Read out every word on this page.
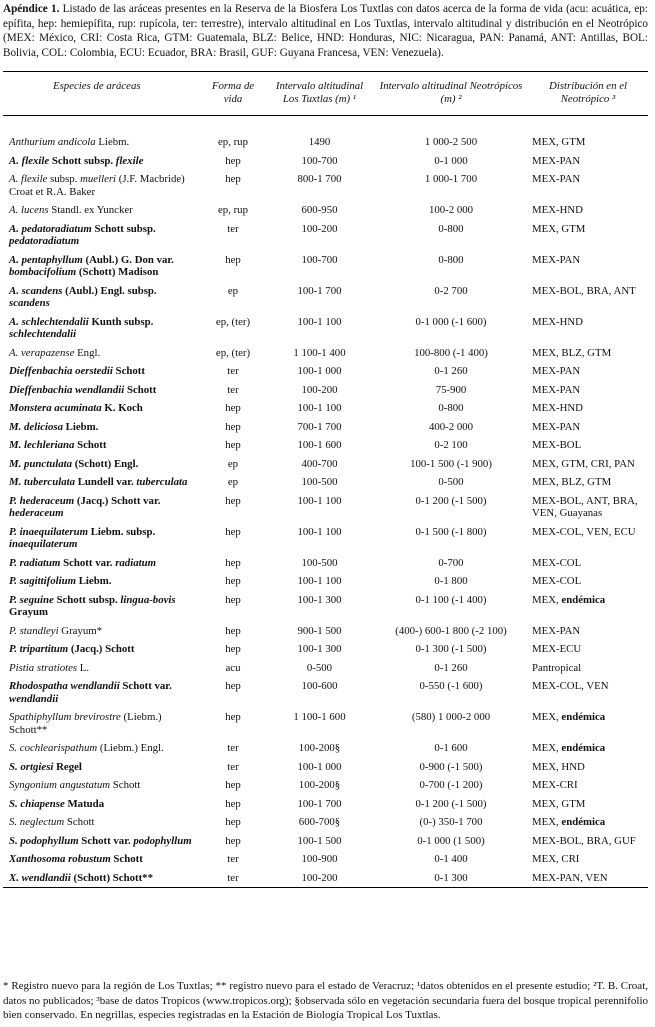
Apéndice 1. Listado de las aráceas presentes en la Reserva de la Biosfera Los Tuxtlas con datos acerca de la forma de vida (acu: acuática, ep: epífita, hep: hemiepífita, rup: rupícola, ter: terrestre), intervalo altitudinal en Los Tuxtlas, intervalo altitudinal y distribución en el Neotrópico (MEX: México, CRI: Costa Rica, GTM: Guatemala, BLZ: Belice, HND: Honduras, NIC: Nicaragua, PAN: Panamá, ANT: Antillas, BOL: Bolivia, COL: Colombia, ECU: Ecuador, BRA: Brasil, GUF: Guyana Francesa, VEN: Venezuela).
Especies de aráceas	Forma de vida	Intervalo altitudinal Los Tuxtlas (m) ¹	Intervalo altitudinal Neotrópicos (m) ²	Distribución en el Neotrópico ³
Anthurium andicola Liebm.	ep, rup	1490	1 000-2 500	MEX, GTM
A. flexile Schott subsp. flexile	hep	100-700	0-1 000	MEX-PAN
A. flexile subsp. muelleri (J.F. Macbride) Croat et R.A. Baker	hep	800-1 700	1 000-1 700	MEX-PAN
A. lucens Standl. ex Yuncker	ep, rup	600-950	100-2 000	MEX-HND
A. pedatoradiatum Schott subsp. pedatoradiatum	ter	100-200	0-800	MEX, GTM
A. pentaphyllum (Aubl.) G. Don var. bombacifolium (Schott) Madison	hep	100-700	0-800	MEX-PAN
A. scandens (Aubl.) Engl. subsp. scandens	ep	100-1 700	0-2 700	MEX-BOL, BRA, ANT
A. schlechtendalii Kunth subsp. schlechtendalii	ep, (ter)	100-1 100	0-1 000 (-1 600)	MEX-HND
A. verapazense Engl.	ep, (ter)	1 100-1 400	100-800 (-1 400)	MEX, BLZ, GTM
Dieffenbachia oerstedii Schott	ter	100-1 000	0-1 260	MEX-PAN
Dieffenbachia wendlandii Schott	ter	100-200	75-900	MEX-PAN
Monstera acuminata K. Koch	hep	100-1 100	0-800	MEX-HND
M. deliciosa Liebm.	hep	700-1 700	400-2 000	MEX-PAN
M. lechleriana Schott	hep	100-1 600	0-2 100	MEX-BOL
M. punctulata (Schott) Engl.	ep	400-700	100-1 500 (-1 900)	MEX, GTM, CRI, PAN
M. tuberculata Lundell var. tuberculata	ep	100-500	0-500	MEX, BLZ, GTM
P. hederaceum (Jacq.) Schott var. hederaceum	hep	100-1 100	0-1 200 (-1 500)	MEX-BOL, ANT, BRA, VEN, Guayanas
P. inaequilaterum Liebm. subsp. inaequilaterum	hep	100-1 100	0-1 500 (-1 800)	MEX-COL, VEN, ECU
P. radiatum Schott var. radiatum	hep	100-500	0-700	MEX-COL
P. sagittifolium Liebm.	hep	100-1 100	0-1 800	MEX-COL
P. seguine Schott subsp. lingua-bovis Grayum	hep	100-1 300	0-1 100 (-1 400)	MEX, endémica
P. standleyi Grayum*	hep	900-1 500	(400-) 600-1 800 (-2 100)	MEX-PAN
P. tripartitum (Jacq.) Schott	hep	100-1 300	0-1 300 (-1 500)	MEX-ECU
Pistia stratiotes L.	acu	0-500	0-1 260	Pantropical
Rhodospatha wendlandii Schott var. wendlandii	hep	100-600	0-550 (-1 600)	MEX-COL, VEN
Spathiphyllum brevirostre (Liebm.) Schott**	hep	1 100-1 600	(580) 1 000-2 000	MEX, endémica
S. cochlearispathum (Liebm.) Engl.	ter	100-200§	0-1 600	MEX, endémica
S. ortgiesi Regel	ter	100-1 000	0-900 (-1 500)	MEX, HND
Syngonium angustatum Schott	hep	100-200§	0-700 (-1 200)	MEX-CRI
S. chiapense Matuda	hep	100-1 700	0-1 200 (-1 500)	MEX, GTM
S. neglectum Schott	hep	600-700§	(0-) 350-1 700	MEX, endémica
S. podophyllum Schott var. podophyllum	hep	100-1 500	0-1 000 (1 500)	MEX-BOL, BRA, GUF
Xanthosoma robustum Schott	ter	100-900	0-1 400	MEX, CRI
X. wendlandii (Schott) Schott**	ter	100-200	0-1 300	MEX-PAN, VEN
* Registro nuevo para la región de Los Tuxtlas; ** registro nuevo para el estado de Veracruz; ¹datos obtenidos en el presente estudio; ²T. B. Croat, datos no publicados; ³base de datos Tropicos (www.tropicos.org); §observada sólo en vegetación secundaria fuera del bosque tropical perennifolio bien conservado. En negrillas, especies registradas en la Estación de Biología Tropical Los Tuxtlas.
